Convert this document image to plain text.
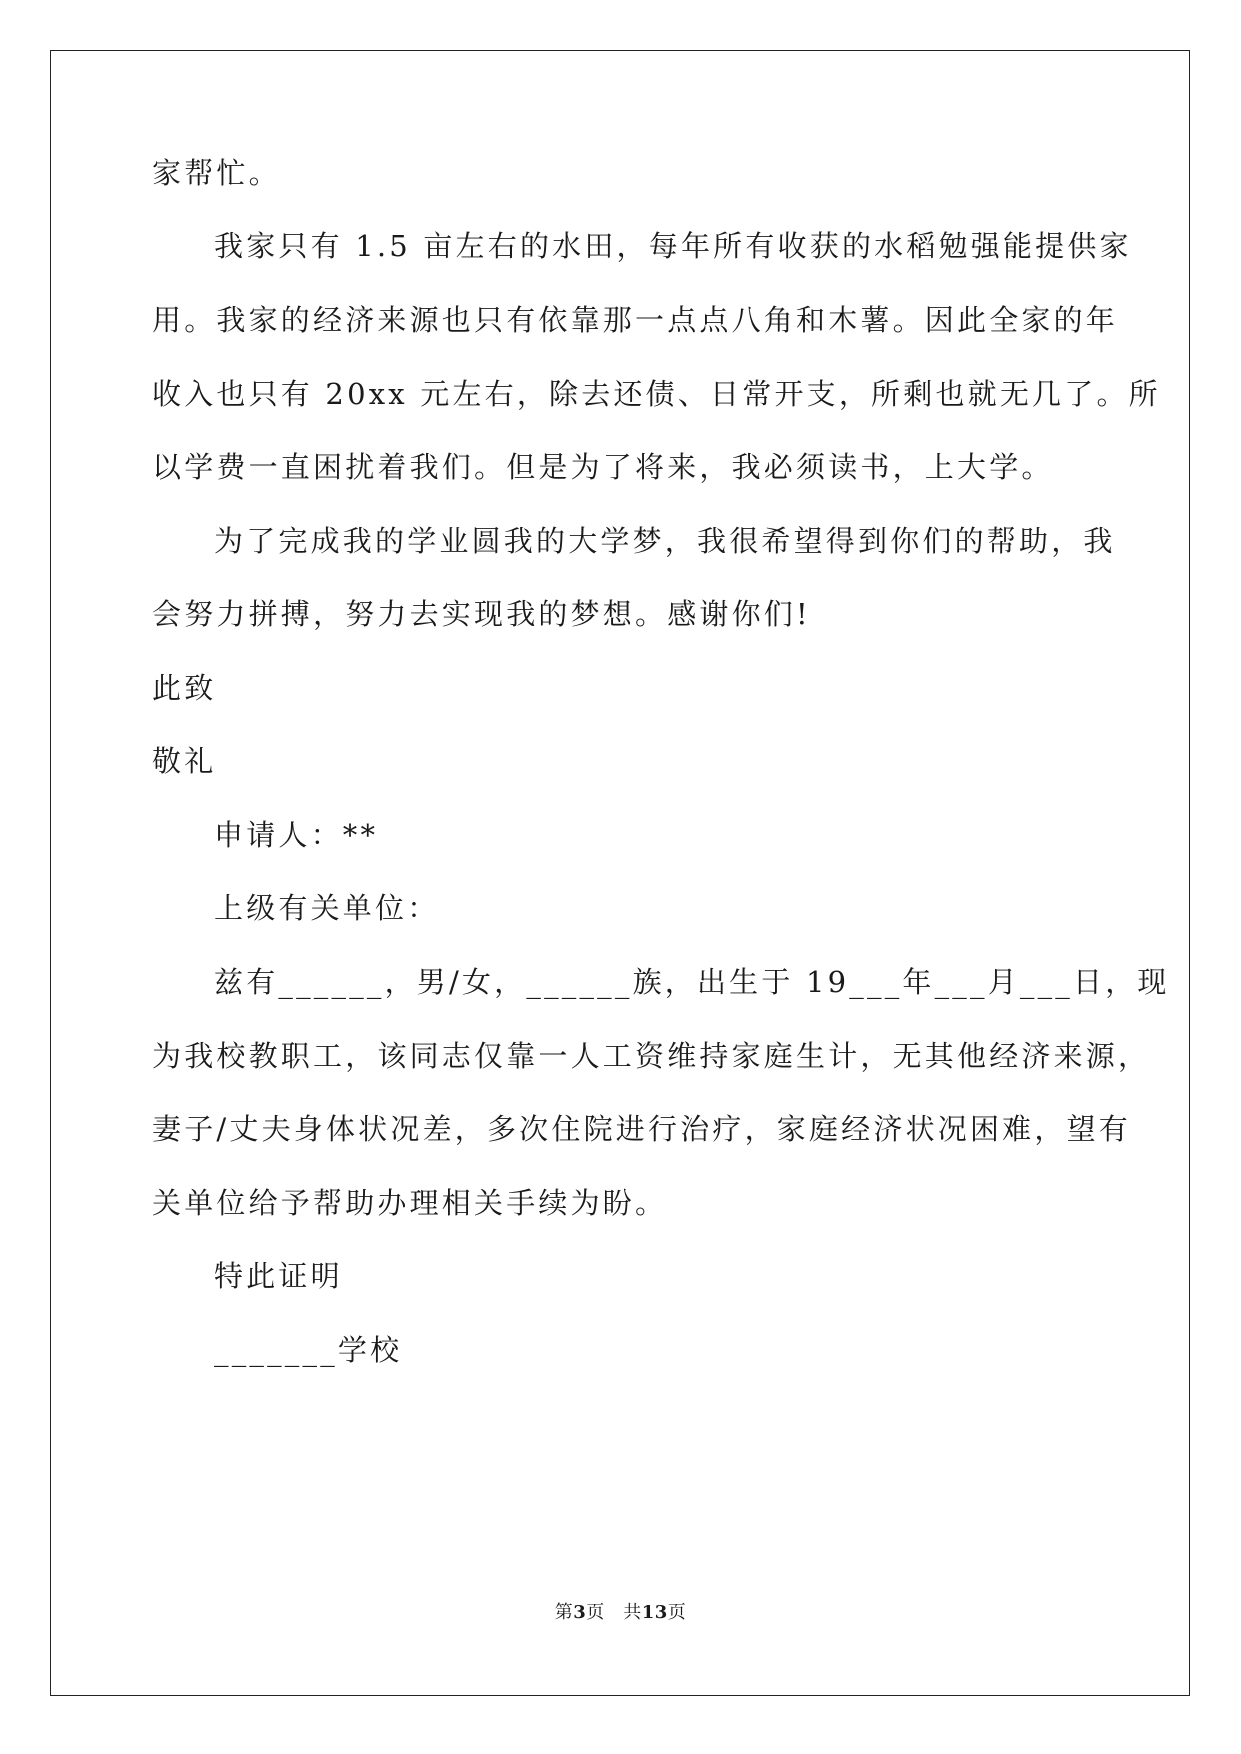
家帮忙。
我家只有 1.5 亩左右的水田，每年所有收获的水稻勉强能提供家
用。我家的经济来源也只有依靠那一点点八角和木薯。因此全家的年
收入也只有 20xx 元左右，除去还债、日常开支，所剩也就无几了。所
以学费一直困扰着我们。但是为了将来，我必须读书，上大学。
为了完成我的学业圆我的大学梦，我很希望得到你们的帮助，我
会努力拼搏，努力去实现我的梦想。感谢你们!
此致
敬礼
申请人：**
上级有关单位：
兹有______，男/女，______族，出生于 19___年___月___日，现
为我校教职工，该同志仅靠一人工资维持家庭生计，无其他经济来源，
妻子/丈夫身体状况差，多次住院进行治疗，家庭经济状况困难，望有
关单位给予帮助办理相关手续为盼。
特此证明
_______学校
第3页　共13页
